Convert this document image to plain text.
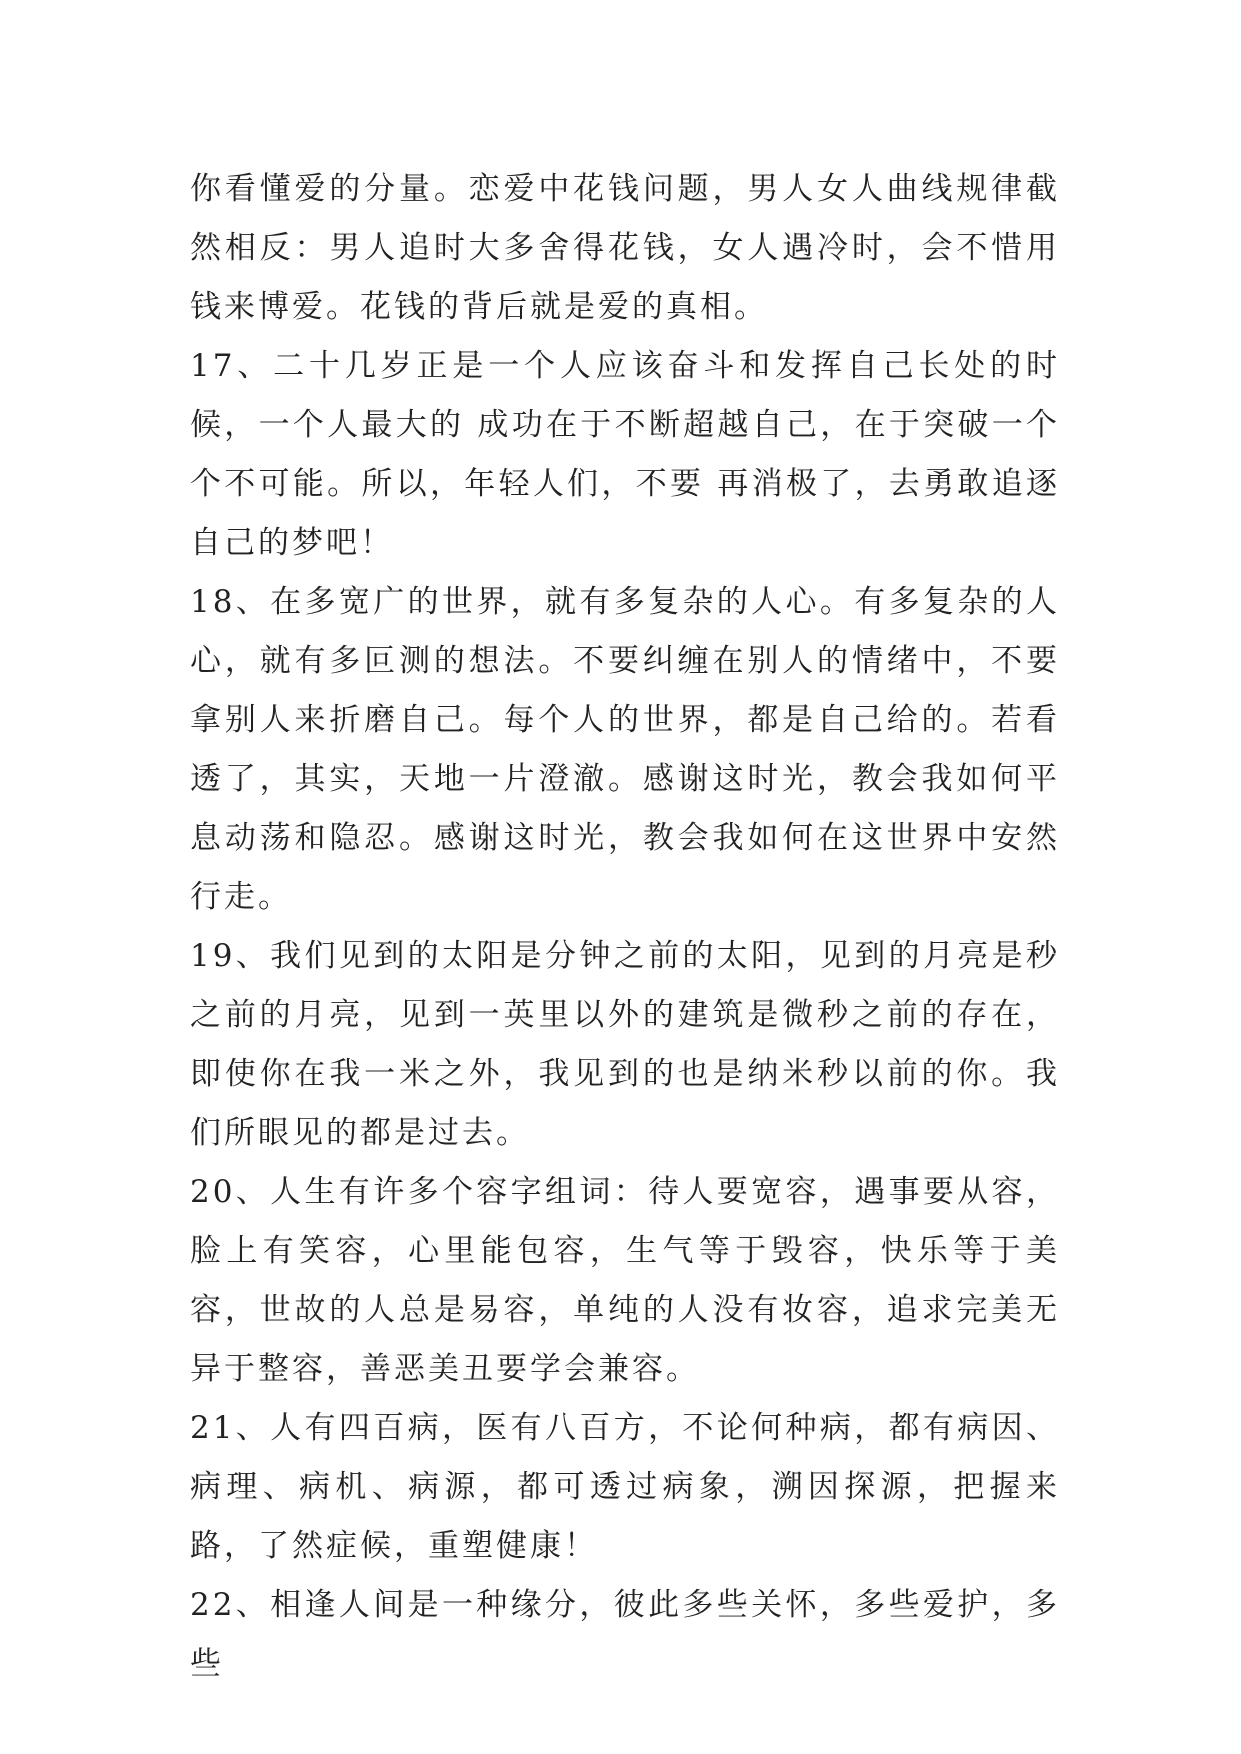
你看懂爱的分量。恋爱中花钱问题，男人女人曲线规律截然相反：男人追时大多舍得花钱，女人遇冷时，会不惜用钱来博爱。花钱的背后就是爱的真相。

17、二十几岁正是一个人应该奋斗和发挥自己长处的时候，一个人最大的 成功在于不断超越自己，在于突破一个个不可能。所以，年轻人们，不要 再消极了，去勇敢追逐自己的梦吧！

18、在多宽广的世界，就有多复杂的人心。有多复杂的人心，就有多叵测的想法。不要纠缠在别人的情绪中，不要拿别人来折磨自己。每个人的世界，都是自己给的。若看透了，其实，天地一片澄澈。感谢这时光，教会我如何平息动荡和隐忍。感谢这时光，教会我如何在这世界中安然行走。

19、我们见到的太阳是分钟之前的太阳，见到的月亮是秒之前的月亮，见到一英里以外的建筑是微秒之前的存在，即使你在我一米之外，我见到的也是纳米秒以前的你。我们所眼见的都是过去。

20、人生有许多个容字组词：待人要宽容，遇事要从容，脸上有笑容，心里能包容，生气等于毁容，快乐等于美容，世故的人总是易容，单纯的人没有妆容，追求完美无异于整容，善恶美丑要学会兼容。

21、人有四百病，医有八百方，不论何种病，都有病因、病理、病机、病源，都可透过病象，溯因探源，把握来路，了然症候，重塑健康！

22、相逢人间是一种缘分，彼此多些关怀，多些爱护，多些
